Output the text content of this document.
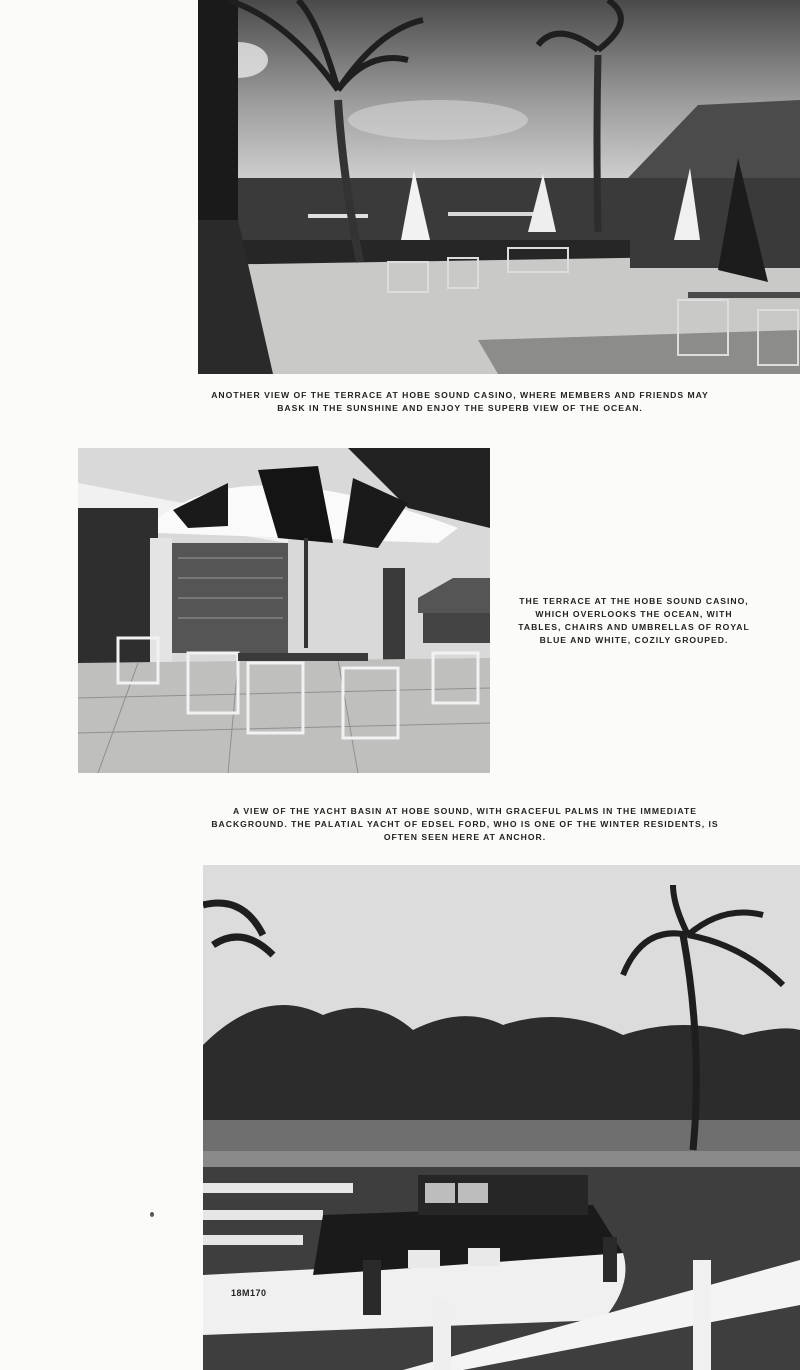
ANOTHER VIEW OF THE TERRACE AT HOBE SOUND CASINO, WHERE MEMBERS AND FRIENDS MAY BASK IN THE SUNSHINE AND ENJOY THE SUPERB VIEW OF THE OCEAN.
THE TERRACE AT THE HOBE SOUND CASINO, WHICH OVERLOOKS THE OCEAN, WITH TABLES, CHAIRS AND UMBRELLAS OF ROYAL BLUE AND WHITE, COZILY GROUPED.
A VIEW OF THE YACHT BASIN AT HOBE SOUND, WITH GRACEFUL PALMS IN THE IMMEDIATE BACKGROUND. THE PALATIAL YACHT OF EDSEL FORD, WHO IS ONE OF THE WINTER RESIDENTS, IS OFTEN SEEN HERE AT ANCHOR.
18M170
